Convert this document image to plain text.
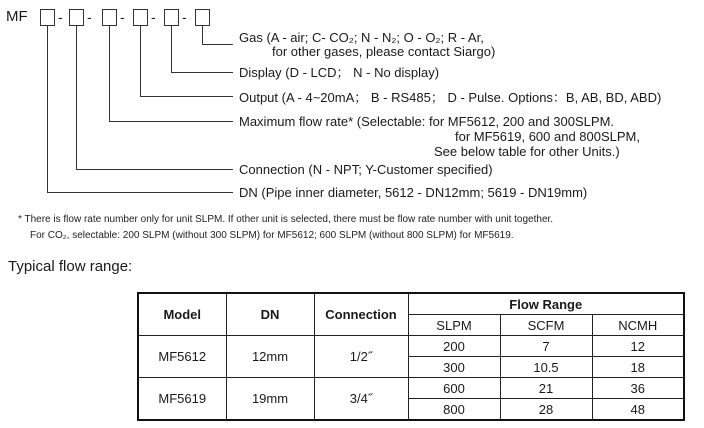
MF - - - - -
Gas (A - air; C- CO₂; N - N₂; O - O₂; R - Ar,
for other gases, please contact Siargo)
Display (D - LCD； N - No display)
Output (A - 4~20mA； B - RS485； D - Pulse. Options：B, AB, BD, ABD)
Maximum flow rate* (Selectable: for MF5612, 200 and 300SLPM.
for MF5619, 600 and 800SLPM,
See below table for other Units.)
Connection (N - NPT; Y-Customer specified)
DN (Pipe inner diameter, 5612 - DN12mm; 5619 - DN19mm)
* There is flow rate number only for unit SLPM. If other unit is selected, there must be flow rate number with unit together.
For CO₂, selectable: 200 SLPM (without 300 SLPM) for MF5612; 600 SLPM (without 800 SLPM) for MF5619.
Typical flow range:
Model	DN	Connection	Flow Range		
			SLPM	SCFM	NCMH
MF5612	12mm	1/2˝	200	7	12
			300	10.5	18
MF5619	19mm	3/4˝	600	21	36
			800	28	48
